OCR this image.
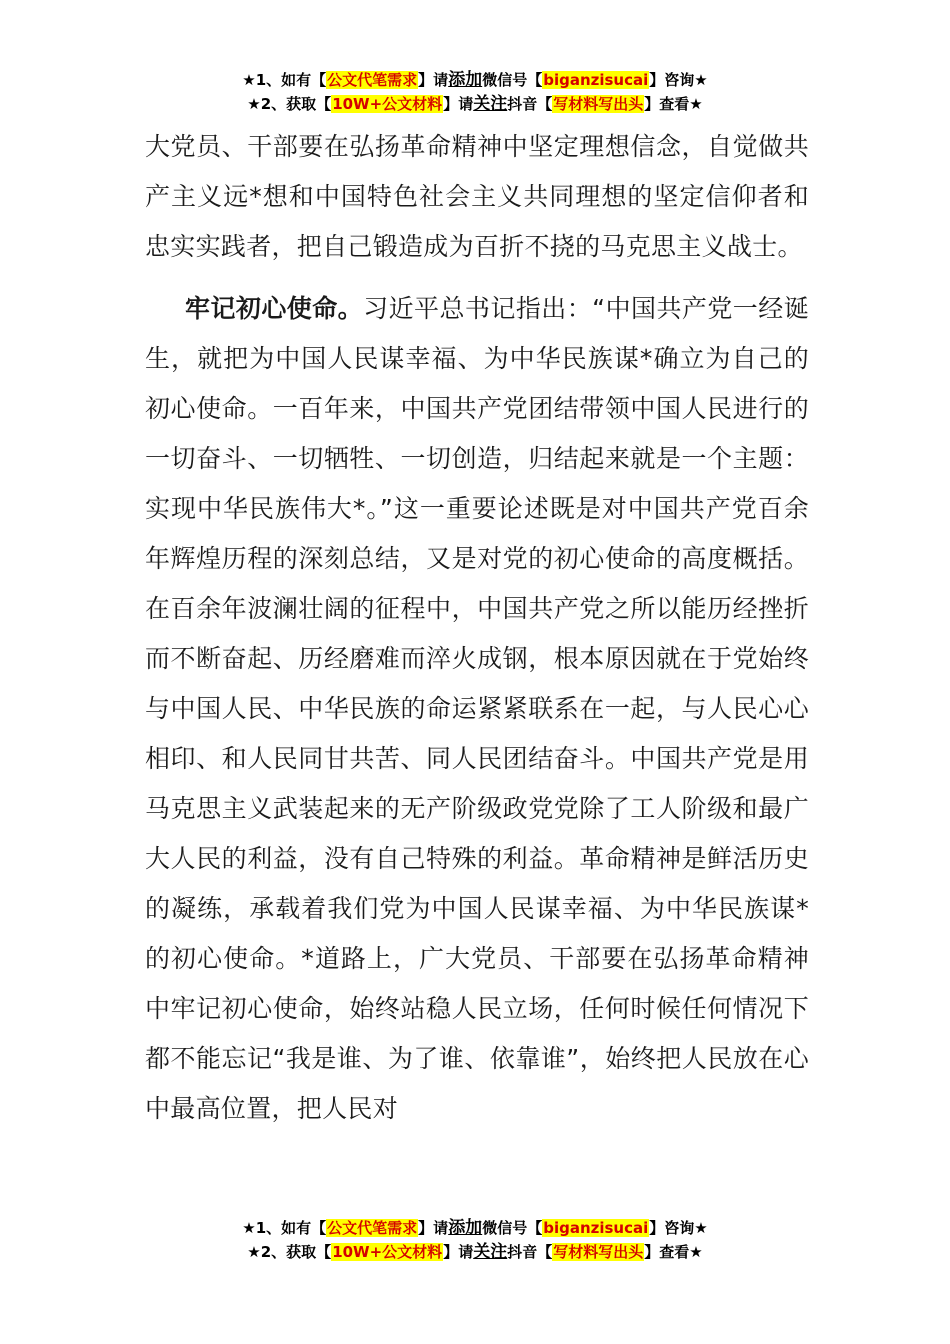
★1、如有【公文代笔需求】请添加微信号【biganzisucai】咨询★
★2、获取【10W+公文材料】请关注抖音【写材料写出头】查看★

大党员、干部要在弘扬革命精神中坚定理想信念，自觉做共产主义远*想和中国特色社会主义共同理想的坚定信仰者和忠实实践者，把自己锻造成为百折不挠的马克思主义战士。

牢记初心使命。习近平总书记指出：“中国共产党一经诞生，就把为中国人民谋幸福、为中华民族谋*确立为自己的初心使命。一百年来，中国共产党团结带领中国人民进行的一切奋斗、一切牺牲、一切创造，归结起来就是一个主题：实现中华民族伟大*。”这一重要论述既是对中国共产党百余年辉煌历程的深刻总结，又是对党的初心使命的高度概括。在百余年波澜壮阔的征程中，中国共产党之所以能历经挫折而不断奋起、历经磨难而淬火成钢，根本原因就在于党始终与中国人民、中华民族的命运紧紧联系在一起，与人民心心相印、和人民同甘共苦、同人民团结奋斗。中国共产党是用马克思主义武装起来的无产阶级政党党除了工人阶级和最广大人民的利益，没有自己特殊的利益。革命精神是鲜活历史的凝练，承载着我们党为中国人民谋幸福、为中华民族谋*的初心使命。*道路上，广大党员、干部要在弘扬革命精神中牢记初心使命，始终站稳人民立场，任何时候任何情况下都不能忘记“我是谁、为了谁、依靠谁”，始终把人民放在心中最高位置，把人民对

★1、如有【公文代笔需求】请添加微信号【biganzisucai】咨询★
★2、获取【10W+公文材料】请关注抖音【写材料写出头】查看★
